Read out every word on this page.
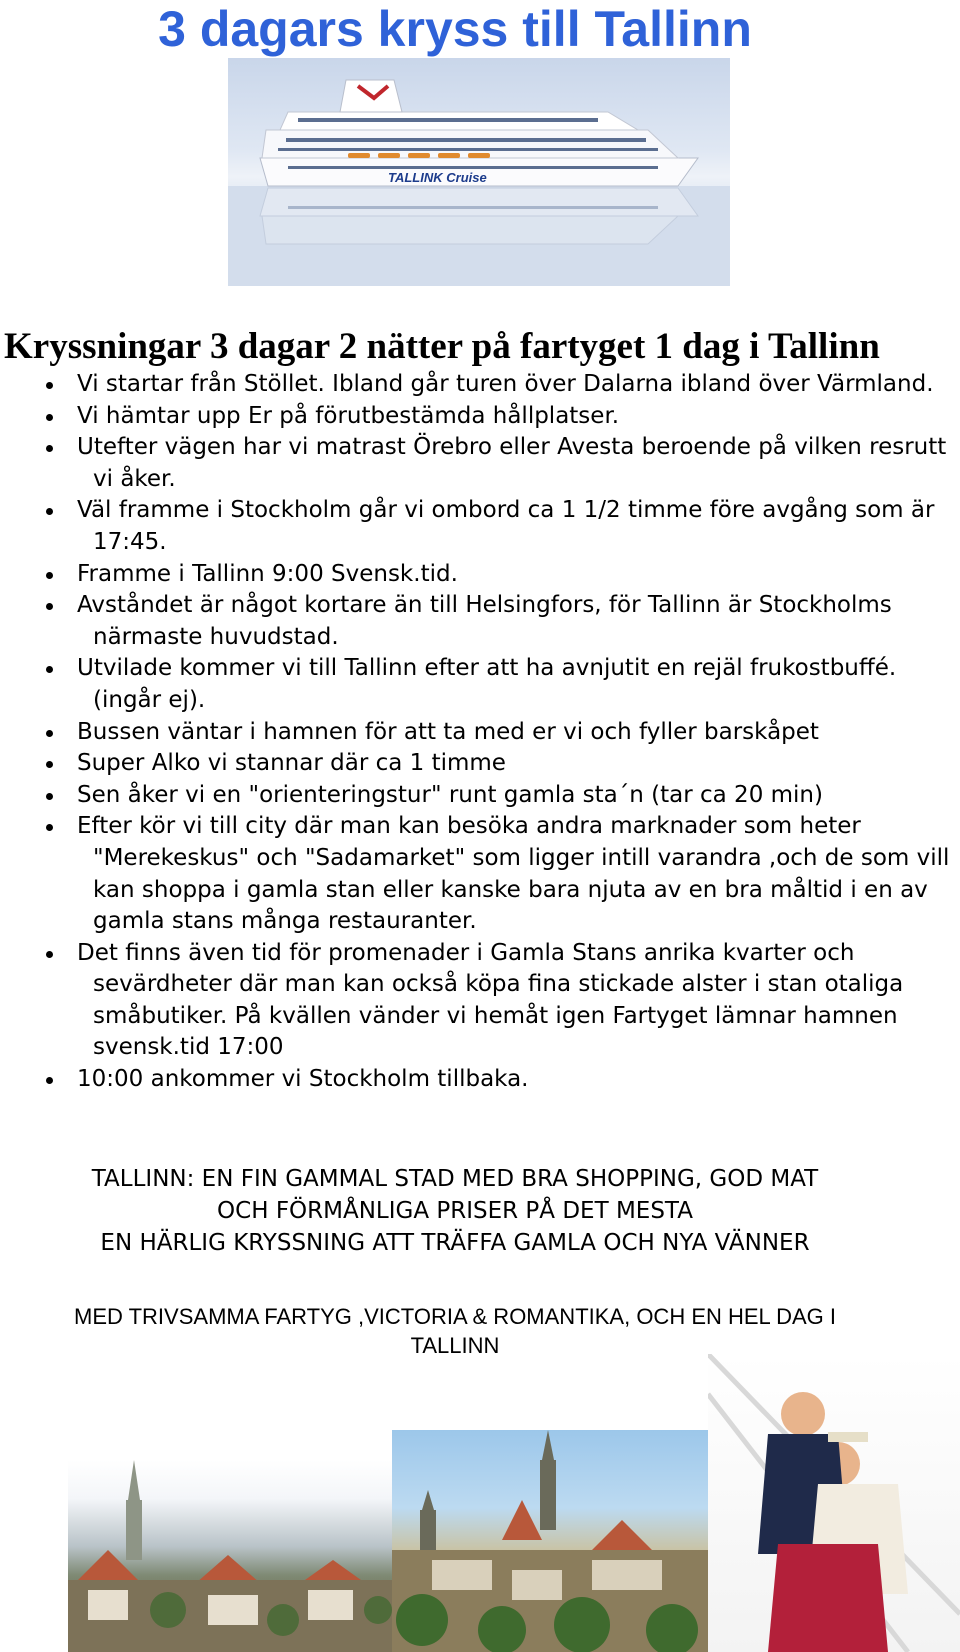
3 dagars kryss till Tallinn
TALLINK Cruise
Kryssningar 3 dagar 2 nätter på fartyget 1 dag i Tallinn
Vi startar från Stöllet. Ibland går turen över Dalarna ibland över Värmland.
Vi hämtar upp Er på förutbestämda hållplatser.
Utefter vägen har vi matrast Örebro eller Avesta beroende på vilken resrutt vi åker.
Väl framme i Stockholm går vi ombord ca 1 1/2 timme före avgång som är 17:45.
Framme i Tallinn 9:00 Svensk.tid.
Avståndet är något kortare än till Helsingfors, för Tallinn är Stockholms närmaste huvudstad.
Utvilade kommer vi till Tallinn efter att ha avnjutit en rejäl frukostbuffé. (ingår ej).
Bussen väntar i hamnen för att ta med er vi och fyller barskåpet
Super Alko vi stannar där ca 1 timme
Sen åker vi en "orienteringstur" runt gamla sta´n (tar ca 20 min)
Efter kör vi till city där man kan besöka andra marknader som heter "Merekeskus" och "Sadamarket" som ligger intill varandra ,och de som vill kan shoppa i gamla stan eller kanske bara njuta av en bra måltid i en av gamla stans många restauranter.
Det finns även tid för promenader i Gamla Stans anrika kvarter och sevärdheter där man kan också köpa fina stickade alster i stan otaliga småbutiker. På kvällen vänder vi hemåt igen Fartyget lämnar hamnen svensk.tid 17:00
10:00 ankommer vi Stockholm tillbaka.
TALLINN: EN FIN GAMMAL STAD MED BRA SHOPPING, GOD MAT
OCH FÖRMÅNLIGA PRISER PÅ DET MESTA
EN HÄRLIG KRYSSNING ATT TRÄFFA GAMLA OCH NYA VÄNNER
MED TRIVSAMMA FARTYG ,VICTORIA & ROMANTIKA, OCH EN HEL DAG I TALLINN
